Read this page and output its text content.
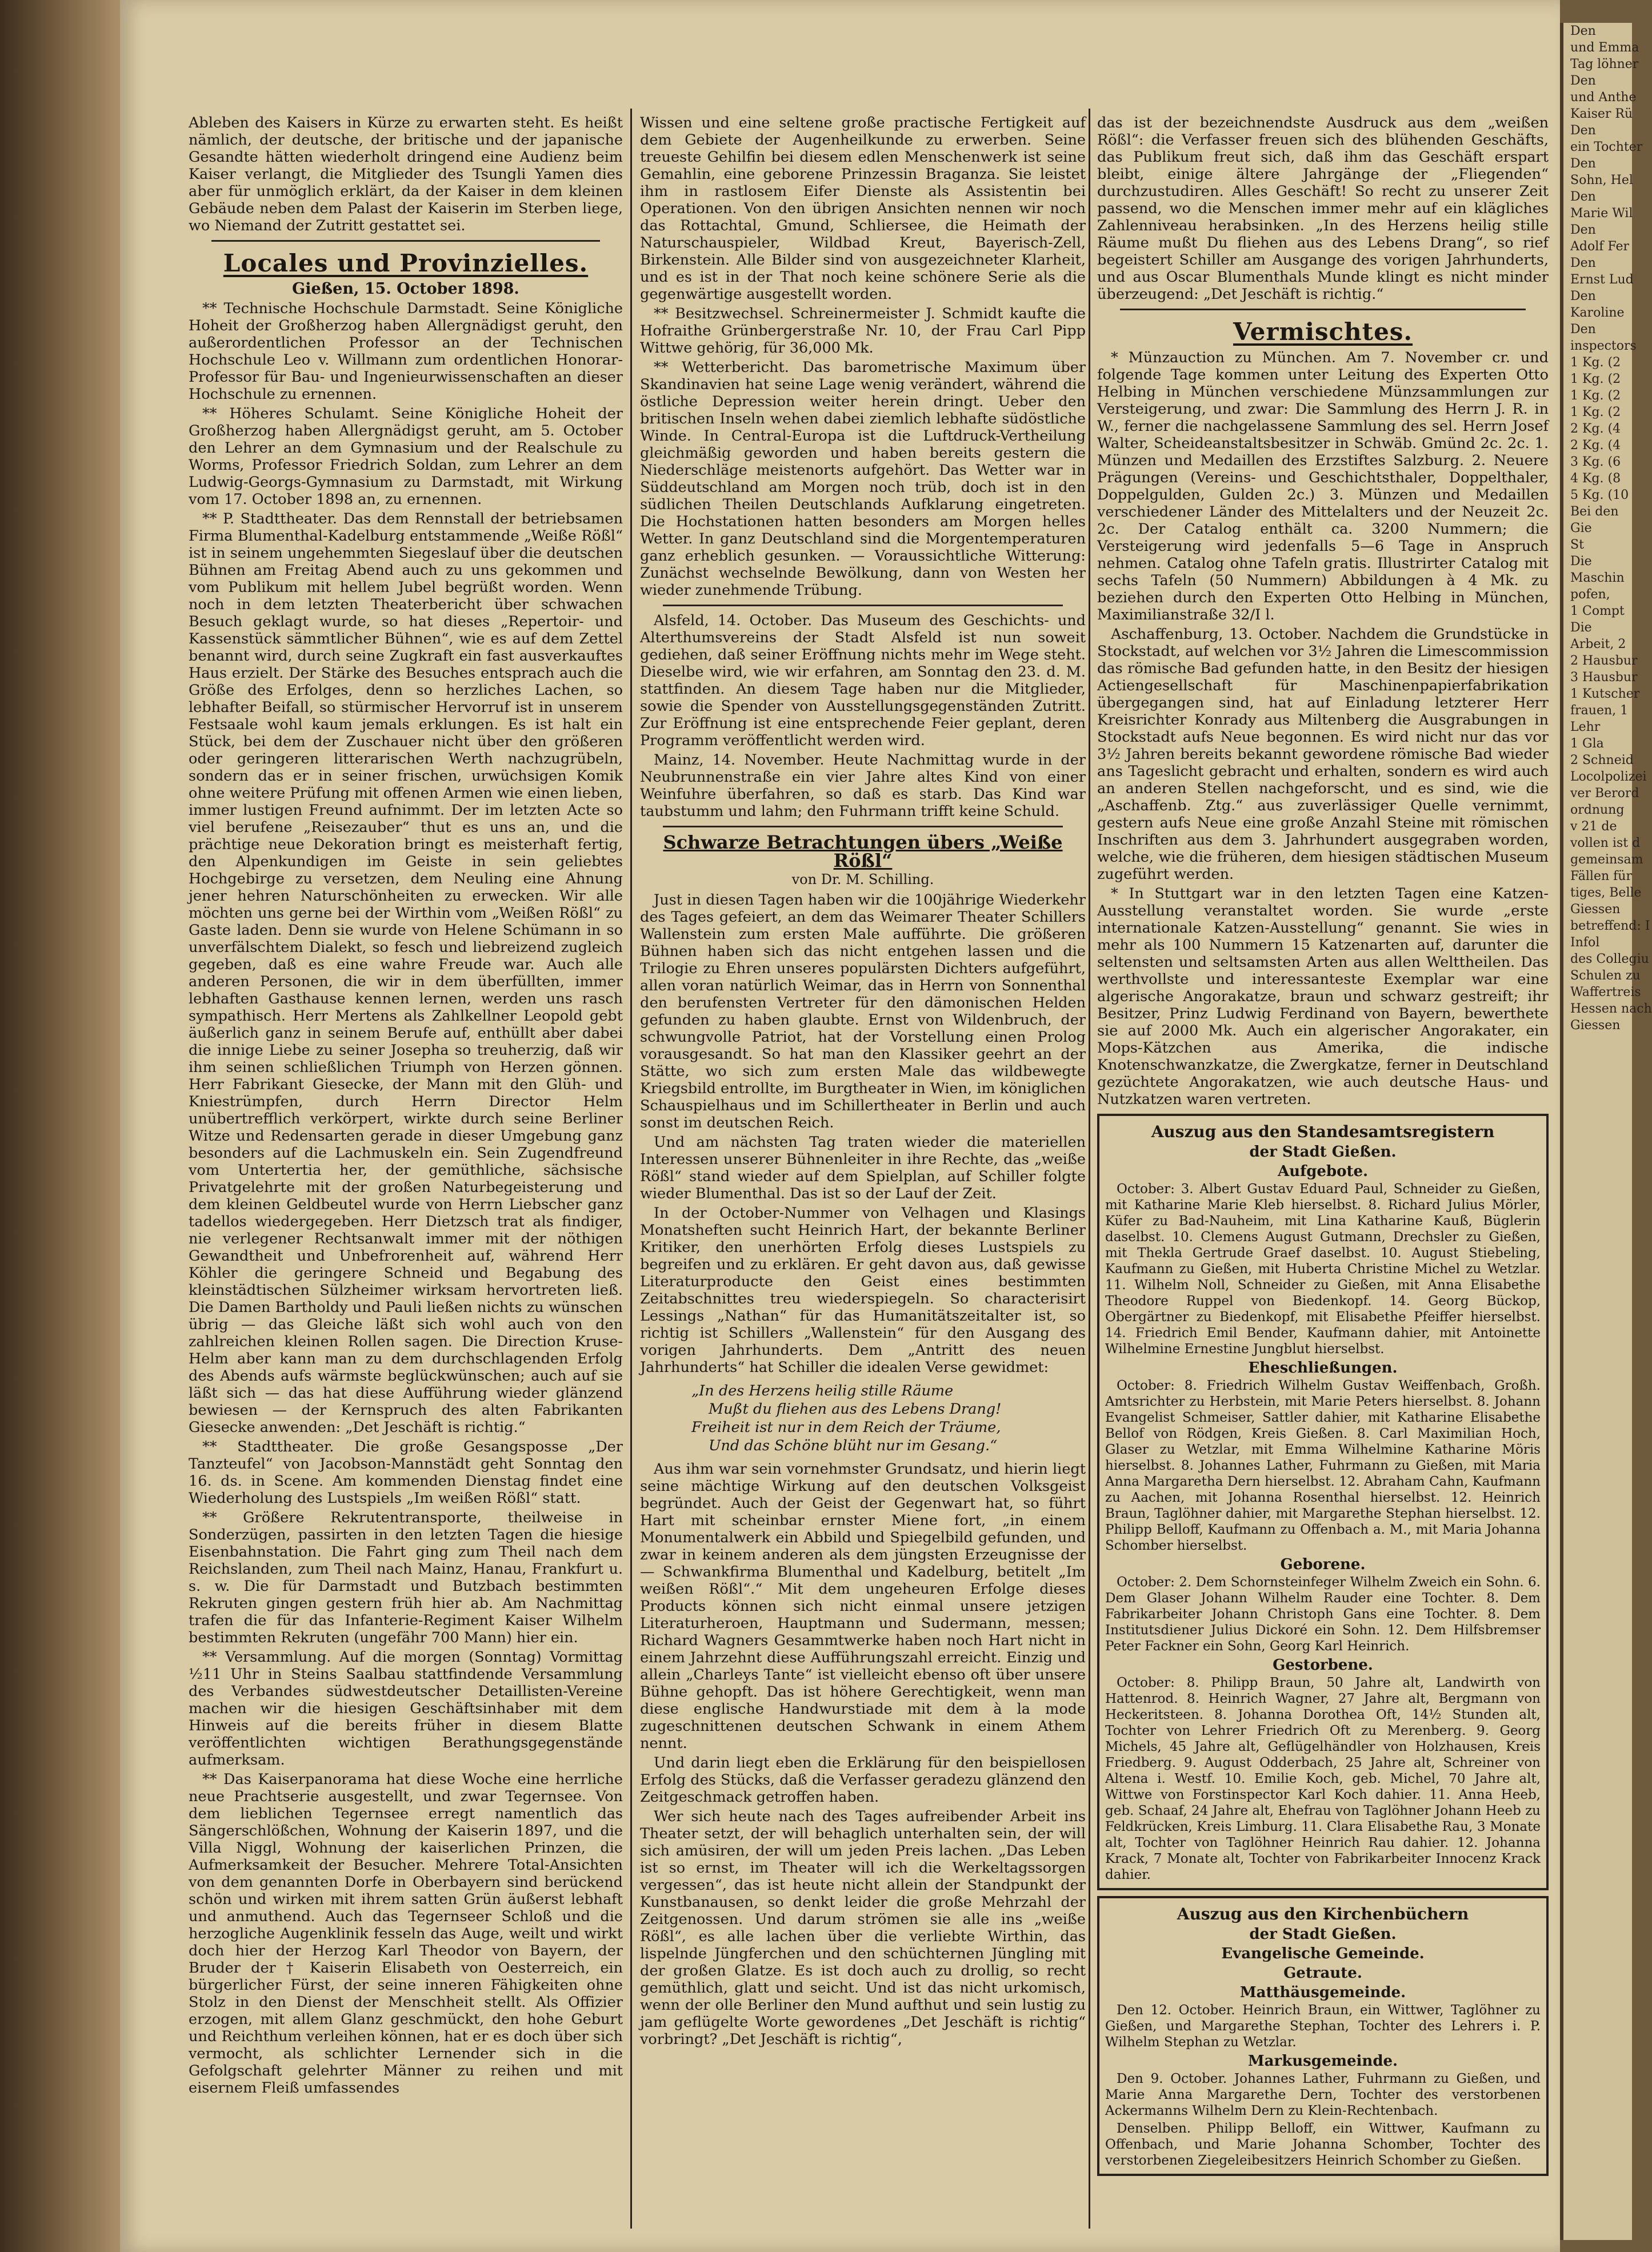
Ableben des Kaisers in Kürze zu erwarten steht. Es heißt nämlich, der deutsche, der britische und der japanische Gesandte hätten wiederholt dringend eine Audienz beim Kaiser verlangt, die Mitglieder des Tsungli Yamen dies aber für unmöglich erklärt, da der Kaiser in dem kleinen Gebäude neben dem Palast der Kaiserin im Sterben liege, wo Niemand der Zutritt gestattet sei.

Locales und Provinzielles.
Gießen, 15. October 1898.

** Technische Hochschule Darmstadt. Seine Königliche Hoheit der Großherzog haben Allergnädigst geruht, den außerordentlichen Professor an der Technischen Hochschule Leo v. Willmann zum ordentlichen Honorar-Professor für Bau- und Ingenieurwissenschaften an dieser Hochschule zu ernennen.

** Höheres Schulamt. Seine Königliche Hoheit der Großherzog haben Allergnädigst geruht, am 5. October den Lehrer an dem Gymnasium und der Realschule zu Worms, Professor Friedrich Soldan, zum Lehrer an dem Ludwig-Georgs-Gymnasium zu Darmstadt, mit Wirkung vom 17. October 1898 an, zu ernennen.

** P. Stadttheater. Das dem Rennstall der betriebsamen Firma Blumenthal-Kadelburg entstammende „Weiße Rößl“ ist in seinem ungehemmten Siegeslauf über die deutschen Bühnen am Freitag Abend auch zu uns gekommen und vom Publikum mit hellem Jubel begrüßt worden. Wenn noch in dem letzten Theaterbericht über schwachen Besuch geklagt wurde, so hat dieses „Repertoir- und Kassenstück sämmtlicher Bühnen“, wie es auf dem Zettel benannt wird, durch seine Zugkraft ein fast ausverkauftes Haus erzielt. Der Stärke des Besuches entsprach auch die Größe des Erfolges, denn so herzliches Lachen, so lebhafter Beifall, so stürmischer Hervorruf ist in unserem Festsaale wohl kaum jemals erklungen. Es ist halt ein Stück, bei dem der Zuschauer nicht über den größeren oder geringeren litterarischen Werth nachzugrübeln, sondern das er in seiner frischen, urwüchsigen Komik ohne weitere Prüfung mit offenen Armen wie einen lieben, immer lustigen Freund aufnimmt. Der im letzten Acte so viel berufene „Reisezauber“ thut es uns an, und die prächtige neue Dekoration bringt es meisterhaft fertig, den Alpenkundigen im Geiste in sein geliebtes Hochgebirge zu versetzen, dem Neuling eine Ahnung jener hehren Naturschönheiten zu erwecken. Wir alle möchten uns gerne bei der Wirthin vom „Weißen Rößl“ zu Gaste laden. Denn sie wurde von Helene Schümann in so unverfälschtem Dialekt, so fesch und liebreizend zugleich gegeben, daß es eine wahre Freude war. Auch alle anderen Personen, die wir in dem überfüllten, immer lebhaften Gasthause kennen lernen, werden uns rasch sympathisch. Herr Mertens als Zahlkellner Leopold gebt äußerlich ganz in seinem Berufe auf, enthüllt aber dabei die innige Liebe zu seiner Josepha so treuherzig, daß wir ihm seinen schließlichen Triumph von Herzen gönnen. Herr Fabrikant Giesecke, der Mann mit den Glüh- und Kniestrümpfen, durch Herrn Director Helm unübertrefflich verkörpert, wirkte durch seine Berliner Witze und Redensarten gerade in dieser Umgebung ganz besonders auf die Lachmuskeln ein. Sein Zugendfreund vom Untertertia her, der gemüthliche, sächsische Privatgelehrte mit der großen Naturbegeisterung und dem kleinen Geldbeutel wurde von Herrn Liebscher ganz tadellos wiedergegeben. Herr Dietzsch trat als findiger, nie verlegener Rechtsanwalt immer mit der nöthigen Gewandtheit und Unbefrorenheit auf, während Herr Köhler die geringere Schneid und Begabung des kleinstädtischen Sülzheimer wirksam hervortreten ließ. Die Damen Bartholdy und Pauli ließen nichts zu wünschen übrig — das Gleiche läßt sich wohl auch von den zahlreichen kleinen Rollen sagen. Die Direction Kruse-Helm aber kann man zu dem durchschlagenden Erfolg des Abends aufs wärmste beglückwünschen; auch auf sie läßt sich — das hat diese Aufführung wieder glänzend bewiesen — der Kernspruch des alten Fabrikanten Giesecke anwenden: „Det Jeschäft is richtig.“

** Stadttheater. Die große Gesangsposse „Der Tanzteufel“ von Jacobson-Mannstädt geht Sonntag den 16. ds. in Scene. Am kommenden Dienstag findet eine Wiederholung des Lustspiels „Im weißen Rößl“ statt.

** Größere Rekrutentransporte, theilweise in Sonderzügen, passirten in den letzten Tagen die hiesige Eisenbahnstation. Die Fahrt ging zum Theil nach dem Reichslanden, zum Theil nach Mainz, Hanau, Frankfurt u. s. w. Die für Darmstadt und Butzbach bestimmten Rekruten gingen gestern früh hier ab. Am Nachmittag trafen die für das Infanterie-Regiment Kaiser Wilhelm bestimmten Rekruten (ungefähr 700 Mann) hier ein.

** Versammlung. Auf die morgen (Sonntag) Vormittag ½11 Uhr in Steins Saalbau stattfindende Versammlung des Verbandes südwestdeutscher Detaillisten-Vereine machen wir die hiesigen Geschäftsinhaber mit dem Hinweis auf die bereits früher in diesem Blatte veröffentlichten wichtigen Berathungsgegenstände aufmerksam.

** Das Kaiserpanorama hat diese Woche eine herrliche neue Prachtserie ausgestellt, und zwar Tegernsee. Von dem lieblichen Tegernsee erregt namentlich das Sängerschlößchen, Wohnung der Kaiserin 1897, und die Villa Niggl, Wohnung der kaiserlichen Prinzen, die Aufmerksamkeit der Besucher. Mehrere Total-Ansichten von dem genannten Dorfe in Oberbayern sind berückend schön und wirken mit ihrem satten Grün äußerst lebhaft und anmuthend. Auch das Tegernseer Schloß und die herzogliche Augenklinik fesseln das Auge, weilt und wirkt doch hier der Herzog Karl Theodor von Bayern, der Bruder der † Kaiserin Elisabeth von Oesterreich, ein bürgerlicher Fürst, der seine inneren Fähigkeiten ohne Stolz in den Dienst der Menschheit stellt. Als Offizier erzogen, mit allem Glanz geschmückt, den hohe Geburt und Reichthum verleihen können, hat er es doch über sich vermocht, als schlichter Lernender sich in die Gefolgschaft gelehrter Männer zu reihen und mit eisernem Fleiß umfassendes

Wissen und eine seltene große practische Fertigkeit auf dem Gebiete der Augenheilkunde zu erwerben. Seine treueste Gehilfin bei diesem edlen Menschenwerk ist seine Gemahlin, eine geborene Prinzessin Braganza. Sie leistet ihm in rastlosem Eifer Dienste als Assistentin bei Operationen. Von den übrigen Ansichten nennen wir noch das Rottachtal, Gmund, Schliersee, die Heimath der Naturschauspieler, Wildbad Kreut, Bayerisch-Zell, Birkenstein. Alle Bilder sind von ausgezeichneter Klarheit, und es ist in der That noch keine schönere Serie als die gegenwärtige ausgestellt worden.

** Besitzwechsel. Schreinermeister J. Schmidt kaufte die Hofraithe Grünbergerstraße Nr. 10, der Frau Carl Pipp Wittwe gehörig, für 36,000 Mk.

** Wetterbericht. Das barometrische Maximum über Skandinavien hat seine Lage wenig verändert, während die östliche Depression weiter herein dringt. Ueber den britischen Inseln wehen dabei ziemlich lebhafte südöstliche Winde. In Central-Europa ist die Luftdruck-Vertheilung gleichmäßig geworden und haben bereits gestern die Niederschläge meistenorts aufgehört. Das Wetter war in Süddeutschland am Morgen noch trüb, doch ist in den südlichen Theilen Deutschlands Aufklarung eingetreten. Die Hochstationen hatten besonders am Morgen helles Wetter. In ganz Deutschland sind die Morgentemperaturen ganz erheblich gesunken. — Voraussichtliche Witterung: Zunächst wechselnde Bewölkung, dann von Westen her wieder zunehmende Trübung.

Alsfeld, 14. October. Das Museum des Geschichts- und Alterthumsvereins der Stadt Alsfeld ist nun soweit gediehen, daß seiner Eröffnung nichts mehr im Wege steht. Dieselbe wird, wie wir erfahren, am Sonntag den 23. d. M. stattfinden. An diesem Tage haben nur die Mitglieder, sowie die Spender von Ausstellungsgegenständen Zutritt. Zur Eröffnung ist eine entsprechende Feier geplant, deren Programm veröffentlicht werden wird.

Mainz, 14. November. Heute Nachmittag wurde in der Neubrunnenstraße ein vier Jahre altes Kind von einer Weinfuhre überfahren, so daß es starb. Das Kind war taubstumm und lahm; den Fuhrmann trifft keine Schuld.

Schwarze Betrachtungen übers „Weiße Rößl“
von Dr. M. Schilling.

Just in diesen Tagen haben wir die 100jährige Wiederkehr des Tages gefeiert, an dem das Weimarer Theater Schillers Wallenstein zum ersten Male aufführte. Die größeren Bühnen haben sich das nicht entgehen lassen und die Trilogie zu Ehren unseres populärsten Dichters aufgeführt, allen voran natürlich Weimar, das in Herrn von Sonnenthal den berufensten Vertreter für den dämonischen Helden gefunden zu haben glaubte. Ernst von Wildenbruch, der schwungvolle Patriot, hat der Vorstellung einen Prolog vorausgesandt. So hat man den Klassiker geehrt an der Stätte, wo sich zum ersten Male das wildbewegte Kriegsbild entrollte, im Burgtheater in Wien, im königlichen Schauspielhaus und im Schillertheater in Berlin und auch sonst im deutschen Reich.

Und am nächsten Tag traten wieder die materiellen Interessen unserer Bühnenleiter in ihre Rechte, das „weiße Rößl“ stand wieder auf dem Spielplan, auf Schiller folgte wieder Blumenthal. Das ist so der Lauf der Zeit.

In der October-Nummer von Velhagen und Klasings Monatsheften sucht Heinrich Hart, der bekannte Berliner Kritiker, den unerhörten Erfolg dieses Lustspiels zu begreifen und zu erklären. Er geht davon aus, daß gewisse Literaturproducte den Geist eines bestimmten Zeitabschnittes treu wiederspiegeln. So characterisirt Lessings „Nathan“ für das Humanitätszeitalter ist, so richtig ist Schillers „Wallenstein“ für den Ausgang des vorigen Jahrhunderts. Dem „Antritt des neuen Jahrhunderts“ hat Schiller die idealen Verse gewidmet:

„In des Herzens heilig stille Räume
Mußt du fliehen aus des Lebens Drang!
Freiheit ist nur in dem Reich der Träume,
Und das Schöne blüht nur im Gesang.“

Aus ihm war sein vornehmster Grundsatz, und hierin liegt seine mächtige Wirkung auf den deutschen Volksgeist begründet. Auch der Geist der Gegenwart hat, so führt Hart mit scheinbar ernster Miene fort, „in einem Monumentalwerk ein Abbild und Spiegelbild gefunden, und zwar in keinem anderen als dem jüngsten Erzeugnisse der — Schwankfirma Blumenthal und Kadelburg, betitelt „Im weißen Rößl“.“ Mit dem ungeheuren Erfolge dieses Products können sich nicht einmal unsere jetzigen Literaturheroen, Hauptmann und Sudermann, messen; Richard Wagners Gesammtwerke haben noch Hart nicht in einem Jahrzehnt diese Aufführungszahl erreicht. Einzig und allein „Charleys Tante“ ist vielleicht ebenso oft über unsere Bühne gehopft. Das ist höhere Gerechtigkeit, wenn man diese englische Handwurstiade mit dem à la mode zugeschnittenen deutschen Schwank in einem Athem nennt.

Und darin liegt eben die Erklärung für den beispiellosen Erfolg des Stücks, daß die Verfasser geradezu glänzend den Zeitgeschmack getroffen haben.

Wer sich heute nach des Tages aufreibender Arbeit ins Theater setzt, der will behaglich unterhalten sein, der will sich amüsiren, der will um jeden Preis lachen. „Das Leben ist so ernst, im Theater will ich die Werkeltagssorgen vergessen“, das ist heute nicht allein der Standpunkt der Kunstbanausen, so denkt leider die große Mehrzahl der Zeitgenossen. Und darum strömen sie alle ins „weiße Rößl“, es alle lachen über die verliebte Wirthin, das lispelnde Jüngferchen und den schüchternen Jüngling mit der großen Glatze. Es ist doch auch zu drollig, so recht gemüthlich, glatt und seicht. Und ist das nicht urkomisch, wenn der olle Berliner den Mund aufthut und sein lustig zu jam geflügelte Worte gewordenes „Det Jeschäft is richtig“ vorbringt? „Det Jeschäft is richtig“,

das ist der bezeichnendste Ausdruck aus dem „weißen Rößl“: die Verfasser freuen sich des blühenden Geschäfts, das Publikum freut sich, daß ihm das Geschäft erspart bleibt, einige ältere Jahrgänge der „Fliegenden“ durchzustudiren. Alles Geschäft! So recht zu unserer Zeit passend, wo die Menschen immer mehr auf ein klägliches Zahlenniveau herabsinken. „In des Herzens heilig stille Räume mußt Du fliehen aus des Lebens Drang“, so rief begeistert Schiller am Ausgange des vorigen Jahrhunderts, und aus Oscar Blumenthals Munde klingt es nicht minder überzeugend: „Det Jeschäft is richtig.“

Vermischtes.

* Münzauction zu München. Am 7. November cr. und folgende Tage kommen unter Leitung des Experten Otto Helbing in München verschiedene Münzsammlungen zur Versteigerung, und zwar: Die Sammlung des Herrn J. R. in W., ferner die nachgelassene Sammlung des sel. Herrn Josef Walter, Scheideanstaltsbesitzer in Schwäb. Gmünd 2c. 2c. 1. Münzen und Medaillen des Erzstiftes Salzburg. 2. Neuere Prägungen (Vereins- und Geschichtsthaler, Doppelthaler, Doppelgulden, Gulden 2c.) 3. Münzen und Medaillen verschiedener Länder des Mittelalters und der Neuzeit 2c. 2c. Der Catalog enthält ca. 3200 Nummern; die Versteigerung wird jedenfalls 5—6 Tage in Anspruch nehmen. Catalog ohne Tafeln gratis. Illustrirter Catalog mit sechs Tafeln (50 Nummern) Abbildungen à 4 Mk. zu beziehen durch den Experten Otto Helbing in München, Maximilianstraße 32/I l.

Aschaffenburg, 13. October. Nachdem die Grundstücke in Stockstadt, auf welchen vor 3½ Jahren die Limescommission das römische Bad gefunden hatte, in den Besitz der hiesigen Actiengesellschaft für Maschinenpapierfabrikation übergegangen sind, hat auf Einladung letzterer Herr Kreisrichter Konrady aus Miltenberg die Ausgrabungen in Stockstadt aufs Neue begonnen. Es wird nicht nur das vor 3½ Jahren bereits bekannt gewordene römische Bad wieder ans Tageslicht gebracht und erhalten, sondern es wird auch an anderen Stellen nachgeforscht, und es sind, wie die „Aschaffenb. Ztg.“ aus zuverlässiger Quelle vernimmt, gestern aufs Neue eine große Anzahl Steine mit römischen Inschriften aus dem 3. Jahrhundert ausgegraben worden, welche, wie die früheren, dem hiesigen städtischen Museum zugeführt werden.

* In Stuttgart war in den letzten Tagen eine Katzen-Ausstellung veranstaltet worden. Sie wurde „erste internationale Katzen-Ausstellung“ genannt. Sie wies in mehr als 100 Nummern 15 Katzenarten auf, darunter die seltensten und seltsamsten Arten aus allen Welttheilen. Das werthvollste und interessanteste Exemplar war eine algerische Angorakatze, braun und schwarz gestreift; ihr Besitzer, Prinz Ludwig Ferdinand von Bayern, bewerthete sie auf 2000 Mk. Auch ein algerischer Angorakater, ein Mops-Kätzchen aus Amerika, die indische Knotenschwanzkatze, die Zwergkatze, ferner in Deutschland gezüchtete Angorakatzen, wie auch deutsche Haus- und Nutzkatzen waren vertreten.

Auszug aus den Standesamtsregistern
der Stadt Gießen.
Aufgebote.

October: 3. Albert Gustav Eduard Paul, Schneider zu Gießen, mit Katharine Marie Kleb hierselbst. 8. Richard Julius Mörler, Küfer zu Bad-Nauheim, mit Lina Katharine Kauß, Büglerin daselbst. 10. Clemens August Gutmann, Drechsler zu Gießen, mit Thekla Gertrude Graef daselbst. 10. August Stiebeling, Kaufmann zu Gießen, mit Huberta Christine Michel zu Wetzlar. 11. Wilhelm Noll, Schneider zu Gießen, mit Anna Elisabethe Theodore Ruppel von Biedenkopf. 14. Georg Bückop, Obergärtner zu Biedenkopf, mit Elisabethe Pfeiffer hierselbst. 14. Friedrich Emil Bender, Kaufmann dahier, mit Antoinette Wilhelmine Ernestine Jungblut hierselbst.

Eheschließungen.

October: 8. Friedrich Wilhelm Gustav Weiffenbach, Großh. Amtsrichter zu Herbstein, mit Marie Peters hierselbst. 8. Johann Evangelist Schmeiser, Sattler dahier, mit Katharine Elisabethe Bellof von Rödgen, Kreis Gießen. 8. Carl Maximilian Hoch, Glaser zu Wetzlar, mit Emma Wilhelmine Katharine Möris hierselbst. 8. Johannes Lather, Fuhrmann zu Gießen, mit Maria Anna Margaretha Dern hierselbst. 12. Abraham Cahn, Kaufmann zu Aachen, mit Johanna Rosenthal hierselbst. 12. Heinrich Braun, Taglöhner dahier, mit Margarethe Stephan hierselbst. 12. Philipp Belloff, Kaufmann zu Offenbach a. M., mit Maria Johanna Schomber hierselbst.

Geborene.

October: 2. Dem Schornsteinfeger Wilhelm Zweich ein Sohn. 6. Dem Glaser Johann Wilhelm Rauder eine Tochter. 8. Dem Fabrikarbeiter Johann Christoph Gans eine Tochter. 8. Dem Institutsdiener Julius Dickoré ein Sohn. 12. Dem Hilfsbremser Peter Fackner ein Sohn, Georg Karl Heinrich.

Gestorbene.

October: 8. Philipp Braun, 50 Jahre alt, Landwirth von Hattenrod. 8. Heinrich Wagner, 27 Jahre alt, Bergmann von Heckeritsteen. 8. Johanna Dorothea Oft, 14½ Stunden alt, Tochter von Lehrer Friedrich Oft zu Merenberg. 9. Georg Michels, 45 Jahre alt, Geflügelhändler von Holzhausen, Kreis Friedberg. 9. August Odderbach, 25 Jahre alt, Schreiner von Altena i. Westf. 10. Emilie Koch, geb. Michel, 70 Jahre alt, Wittwe von Forstinspector Karl Koch dahier. 11. Anna Heeb, geb. Schaaf, 24 Jahre alt, Ehefrau von Taglöhner Johann Heeb zu Feldkrücken, Kreis Limburg. 11. Clara Elisabethe Rau, 3 Monate alt, Tochter von Taglöhner Heinrich Rau dahier. 12. Johanna Krack, 7 Monate alt, Tochter von Fabrikarbeiter Innocenz Krack dahier.

Auszug aus den Kirchenbüchern
der Stadt Gießen.
Evangelische Gemeinde.
Getraute.
Matthäusgemeinde.

Den 12. October. Heinrich Braun, ein Wittwer, Taglöhner zu Gießen, und Margarethe Stephan, Tochter des Lehrers i. P. Wilhelm Stephan zu Wetzlar.

Markusgemeinde.

Den 9. October. Johannes Lather, Fuhrmann zu Gießen, und Marie Anna Margarethe Dern, Tochter des verstorbenen Ackermanns Wilhelm Dern zu Klein-Rechtenbach.

Denselben. Philipp Belloff, ein Wittwer, Kaufmann zu Offenbach, und Marie Johanna Schomber, Tochter des verstorbenen Ziegeleibesitzers Heinrich Schomber zu Gießen.

Den
und Emma
Tag löhner
Den
und Anthe
Kaiser Rü
Den
ein Tochter
Den
Sohn, Hel
Den
Marie Wil
Den
Adolf Fer
Den
Ernst Lud
Den
Karoline
Den
inspectors
1 Kg. (2
1 Kg. (2
1 Kg. (2
1 Kg. (2
2 Kg. (4
2 Kg. (4
3 Kg. (6
4 Kg. (8
5 Kg. (10
Bei den
Gie
St
Die
Maschin
pofen,
1 Compt
Die
Arbeit, 2
2 Hausbur
3 Hausbur
1 Kutscher
frauen, 1
Lehr
1 Gla
2 Schneid
Locolpolizei
ver Berord
ordnung
v 21 de
vollen ist d
gemeinsam
Fällen für
tiges, Belle
Giessen
betreffend: I
Infol
des Collegiu
Schulen zu
Waffertreis
Hessen nach
Giessen
